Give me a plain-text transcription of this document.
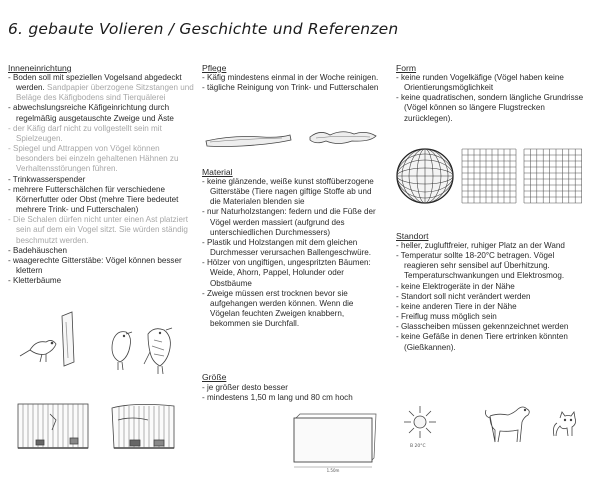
6. gebaute Volieren / Geschichte und Referenzen
Inneneinrichtung
- Boden soll mit speziellen Vogelsand abgedeckt werden. Sandpapier überzogene Sitzstangen und Beläge des Käfigbodens sind Tierquälerei
- abwechslungsreiche Käfigeinrichtung durch regelmäßig ausgetauschte Zweige und Äste
- der Käfig darf nicht zu vollgestellt sein mit Spielzeugen.
- Spiegel und Attrappen von Vögel können besonders bei einzeln gehaltenen Hähnen zu Verhaltensstörungen führen.
- Trinkwasserspender
- mehrere Futterschälchen für verschiedene Körnerfutter oder Obst (mehre Tiere bedeutet mehrere Trink- und Futterschalen)
- Die Schalen dürfen nicht unter einen Ast platziert sein auf dem ein Vogel sitzt. Sie würden ständig beschmutzt werden.
- Badehäuschen
- waagerechte Gitterstäbe: Vögel können besser klettern
- Kletterbäume
Pflege
- Käfig mindestens einmal in der Woche reinigen.
- tägliche Reinigung von Trink- und Futterschalen
Material
- keine glänzende, weiße kunst stoffüberzogene Gitterstäbe (Tiere nagen giftige Stoffe ab und die Materialen blenden sie
- nur Naturholzstangen: federn und die Füße der Vögel werden massiert (aufgrund des unterschiedlichen Durchmessers)
- Plastik und Holzstangen mit dem gleichen Durchmesser verursachen Ballengeschwüre.
- Hölzer von ungiftigen, ungespritzten Bäumen: Weide, Ahorn, Pappel, Holunder oder Obstbäume
- Zweige müssen erst trocknen bevor sie aufgehangen werden können. Wenn die Vögelan feuchten Zweigen knabbern, bekommen sie Durchfall.
Größe
- je größer desto besser
- mindestens 1,50 m lang und 80 cm hoch
1,50m
Form
- keine runden Vogelkäfige (Vögel haben keine Orientierungsmöglichkeit
- keine quadratischen, sondern längliche Grundrisse (Vögel können so längere Flugstrecken zurücklegen).
Standort
- heller, zugluftfreier, ruhiger Platz an der Wand
- Temperatur sollte 18-20°C betragen. Vögel reagieren sehr sensibel auf Überhitzung. Temperaturschwankungen und Elektrosmog.
- keine Elektrogeräte in der Nähe
- Standort soll nicht verändert werden
- keine anderen Tiere in der Nähe
- Freiflug muss möglich sein
- Glasscheiben müssen gekennzeichnet werden
- keine Gefäße in denen Tiere ertrinken könnten (Gießkannen).
B 20°C
